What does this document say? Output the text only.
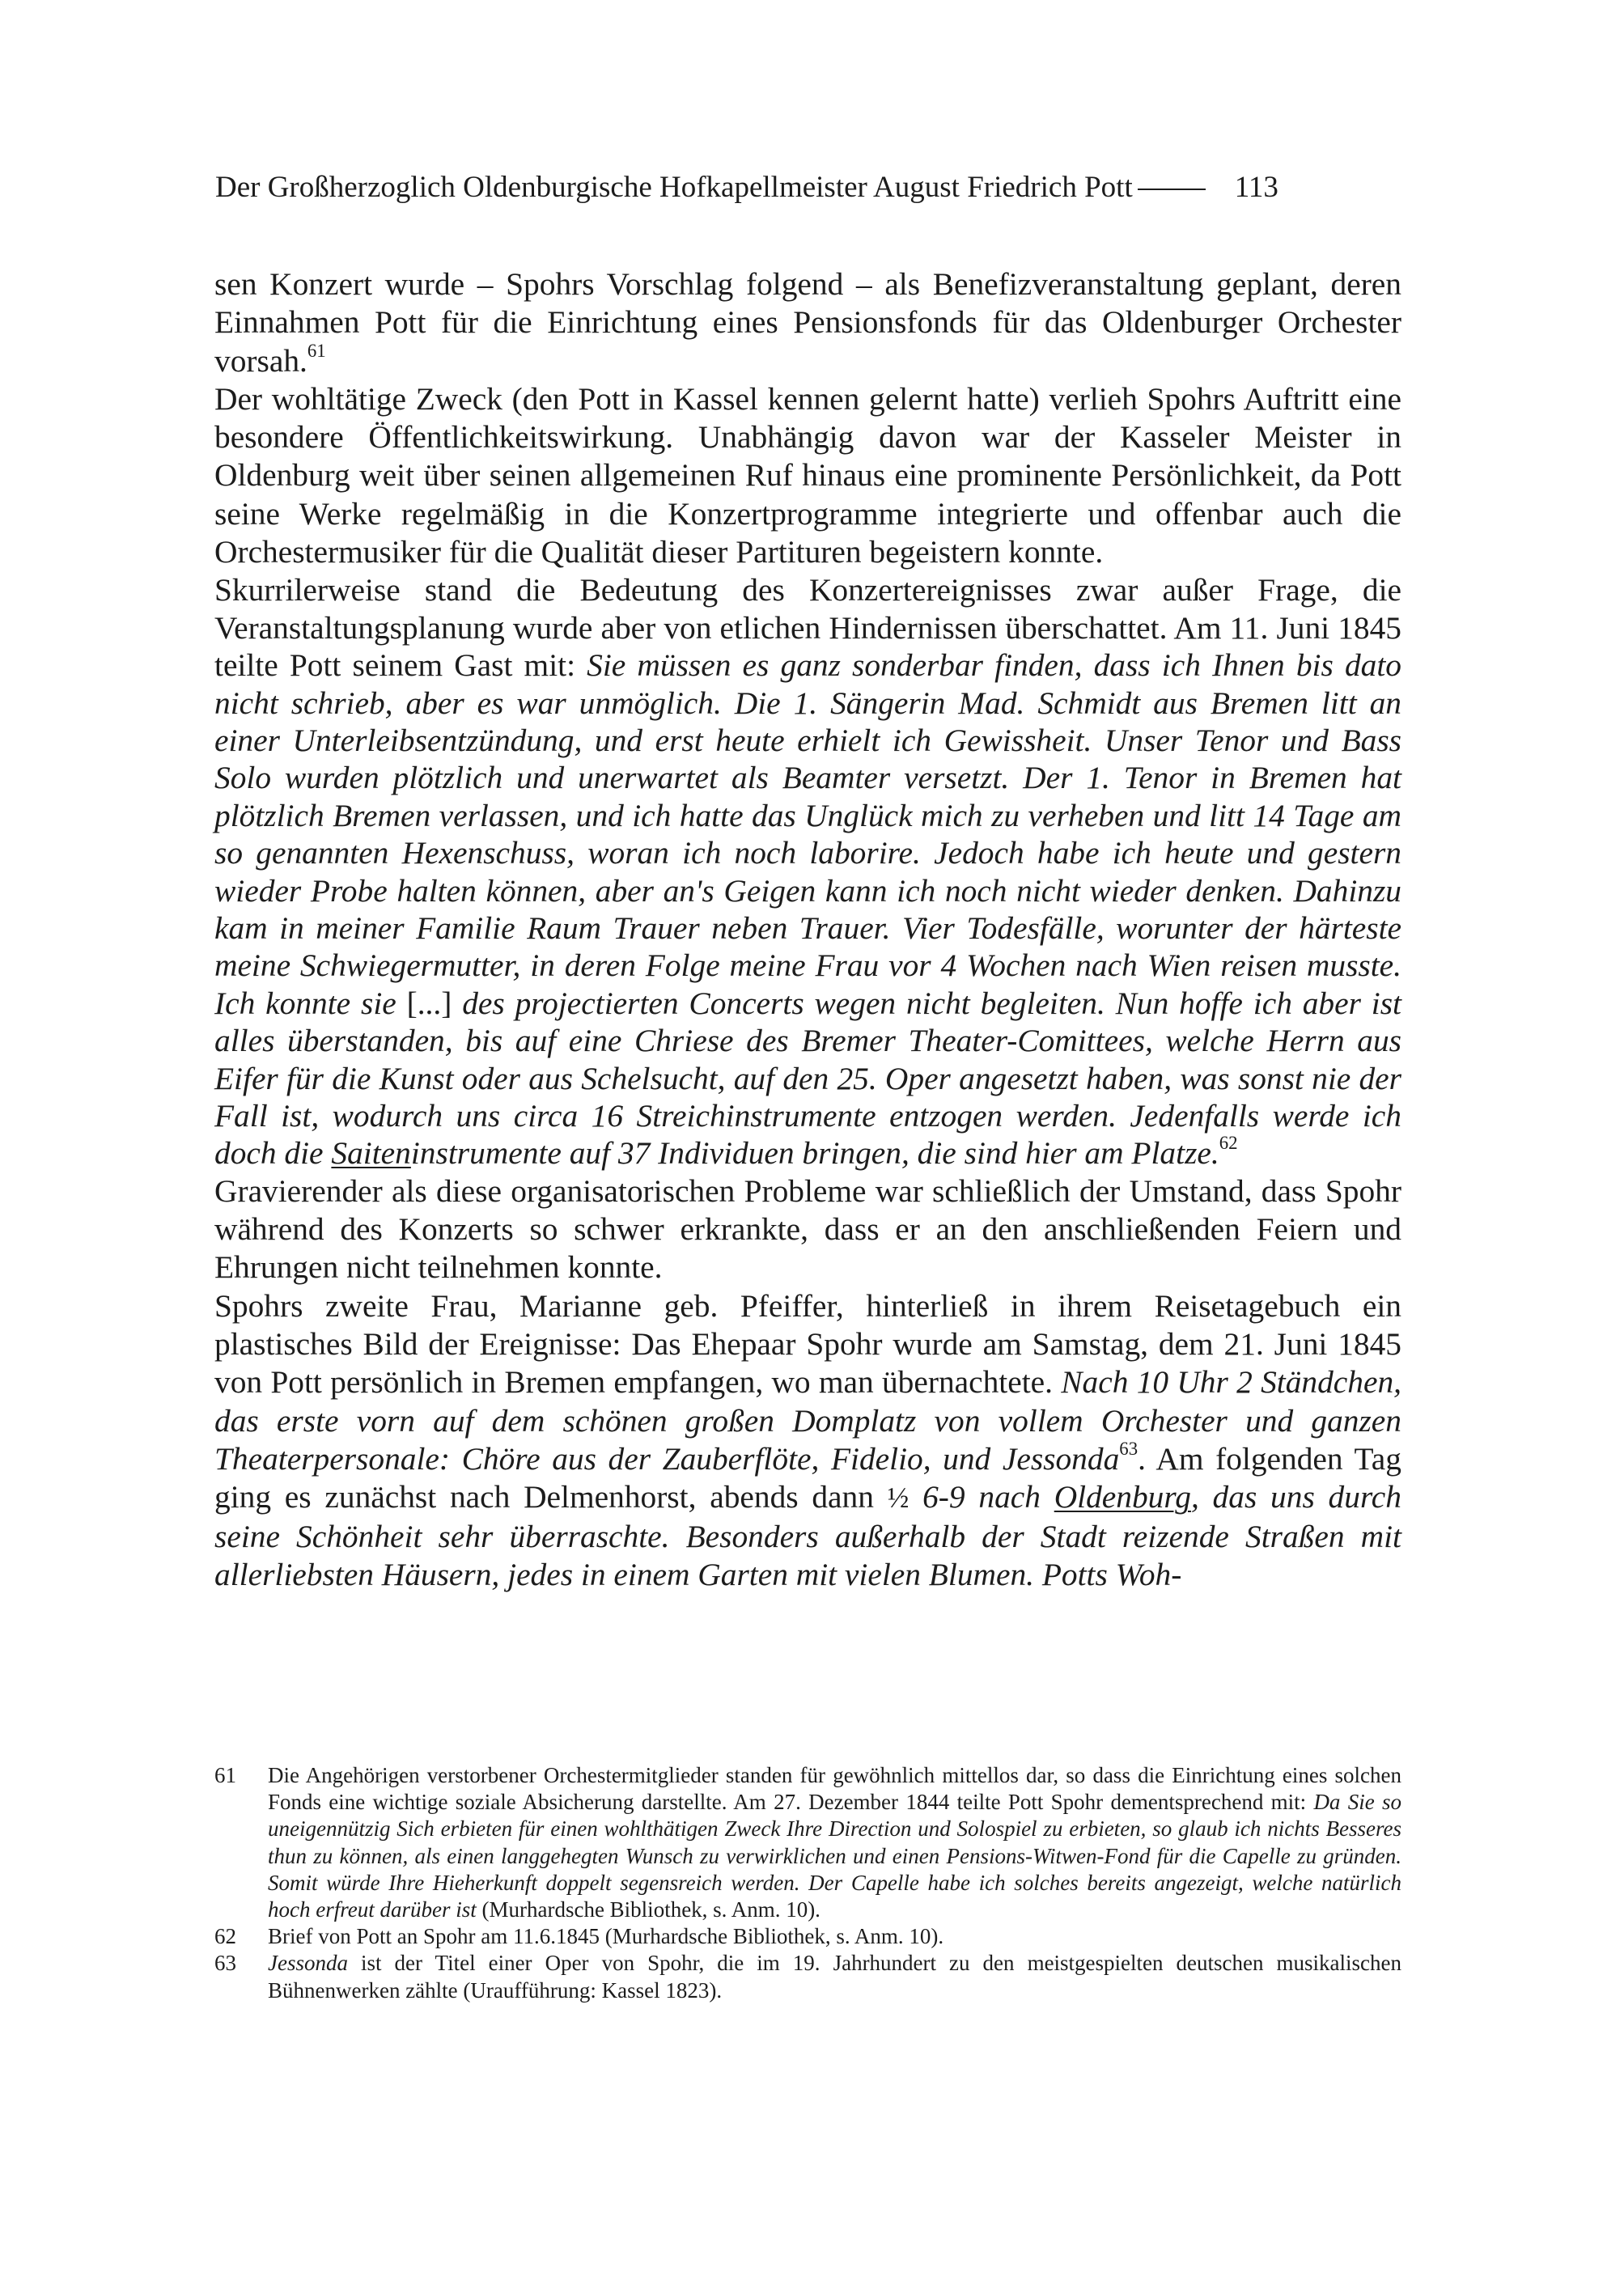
Der Großherzoglich Oldenburgische Hofkapellmeister August Friedrich Pott	113

sen Konzert wurde – Spohrs Vorschlag folgend – als Benefizveranstaltung geplant, deren Einnahmen Pott für die Einrichtung eines Pensionsfonds für das Oldenburger Orchester vorsah.$^{61}$

Der wohltätige Zweck (den Pott in Kassel kennen gelernt hatte) verlieh Spohrs Auftritt eine besondere Öffentlichkeitswirkung. Unabhängig davon war der Kasseler Meister in Oldenburg weit über seinen allgemeinen Ruf hinaus eine prominente Persönlichkeit, da Pott seine Werke regelmäßig in die Konzertprogramme integrierte und offenbar auch die Orchestermusiker für die Qualität dieser Partituren begeistern konnte.

Skurrilerweise stand die Bedeutung des Konzertereignisses zwar außer Frage, die Veranstaltungsplanung wurde aber von etlichen Hindernissen überschattet. Am 11. Juni 1845 teilte Pott seinem Gast mit: Sie müssen es ganz sonderbar finden, dass ich Ihnen bis dato nicht schrieb, aber es war unmöglich. Die 1. Sängerin Mad. Schmidt aus Bremen litt an einer Unterleibsentzündung, und erst heute erhielt ich Gewissheit. Unser Tenor und Bass Solo wurden plötzlich und unerwartet als Beamter versetzt. Der 1. Tenor in Bremen hat plötzlich Bremen verlassen, und ich hatte das Unglück mich zu verheben und litt 14 Tage am so genannten Hexenschuss, woran ich noch laborire. Jedoch habe ich heute und gestern wieder Probe halten können, aber an's Geigen kann ich noch nicht wieder denken. Dahinzu kam in meiner Familie Raum Trauer neben Trauer. Vier Todesfälle, worunter der härteste meine Schwiegermutter, in deren Folge meine Frau vor 4 Wochen nach Wien reisen musste. Ich konnte sie [...] des projectierten Concerts wegen nicht begleiten. Nun hoffe ich aber ist alles überstanden, bis auf eine Chriese des Bremer Theater-Comittees, welche Herrn aus Eifer für die Kunst oder aus Schelsucht, auf den 25. Oper angesetzt haben, was sonst nie der Fall ist, wodurch uns circa 16 Streichinstrumente entzogen werden. Jedenfalls werde ich doch die Saiteninstrumente auf 37 Individuen bringen, die sind hier am Platze.$^{62}$

Gravierender als diese organisatorischen Probleme war schließlich der Umstand, dass Spohr während des Konzerts so schwer erkrankte, dass er an den anschließenden Feiern und Ehrungen nicht teilnehmen konnte.

Spohrs zweite Frau, Marianne geb. Pfeiffer, hinterließ in ihrem Reisetagebuch ein plastisches Bild der Ereignisse: Das Ehepaar Spohr wurde am Samstag, dem 21. Juni 1845 von Pott persönlich in Bremen empfangen, wo man übernachtete. Nach 10 Uhr 2 Ständchen, das erste vorn auf dem schönen großen Domplatz von vollem Orchester und ganzen Theaterpersonale: Chöre aus der Zauberflöte, Fidelio, und Jessonda$^{63}$. Am folgenden Tag ging es zunächst nach Delmenhorst, abends dann ½ 6-9 nach Oldenburg, das uns durch seine Schönheit sehr überraschte. Besonders außerhalb der Stadt reizende Straßen mit allerliebsten Häusern, jedes in einem Garten mit vielen Blumen. Potts Woh-

61	Die Angehörigen verstorbener Orchestermitglieder standen für gewöhnlich mittellos dar, so dass die Einrichtung eines solchen Fonds eine wichtige soziale Absicherung darstellte. Am 27. Dezember 1844 teilte Pott Spohr dementsprechend mit: Da Sie so uneigennützig Sich erbieten für einen wohlthätigen Zweck Ihre Direction und Solospiel zu erbieten, so glaub ich nichts Besseres thun zu können, als einen langgehegten Wunsch zu verwirklichen und einen Pensions-Witwen-Fond für die Capelle zu gründen. Somit würde Ihre Hieherkunft doppelt segensreich werden. Der Capelle habe ich solches bereits angezeigt, welche natürlich hoch erfreut darüber ist (Murhardsche Bibliothek, s. Anm. 10).
62	Brief von Pott an Spohr am 11.6.1845 (Murhardsche Bibliothek, s. Anm. 10).
63	Jessonda ist der Titel einer Oper von Spohr, die im 19. Jahrhundert zu den meistgespielten deutschen musikalischen Bühnenwerken zählte (Uraufführung: Kassel 1823).
